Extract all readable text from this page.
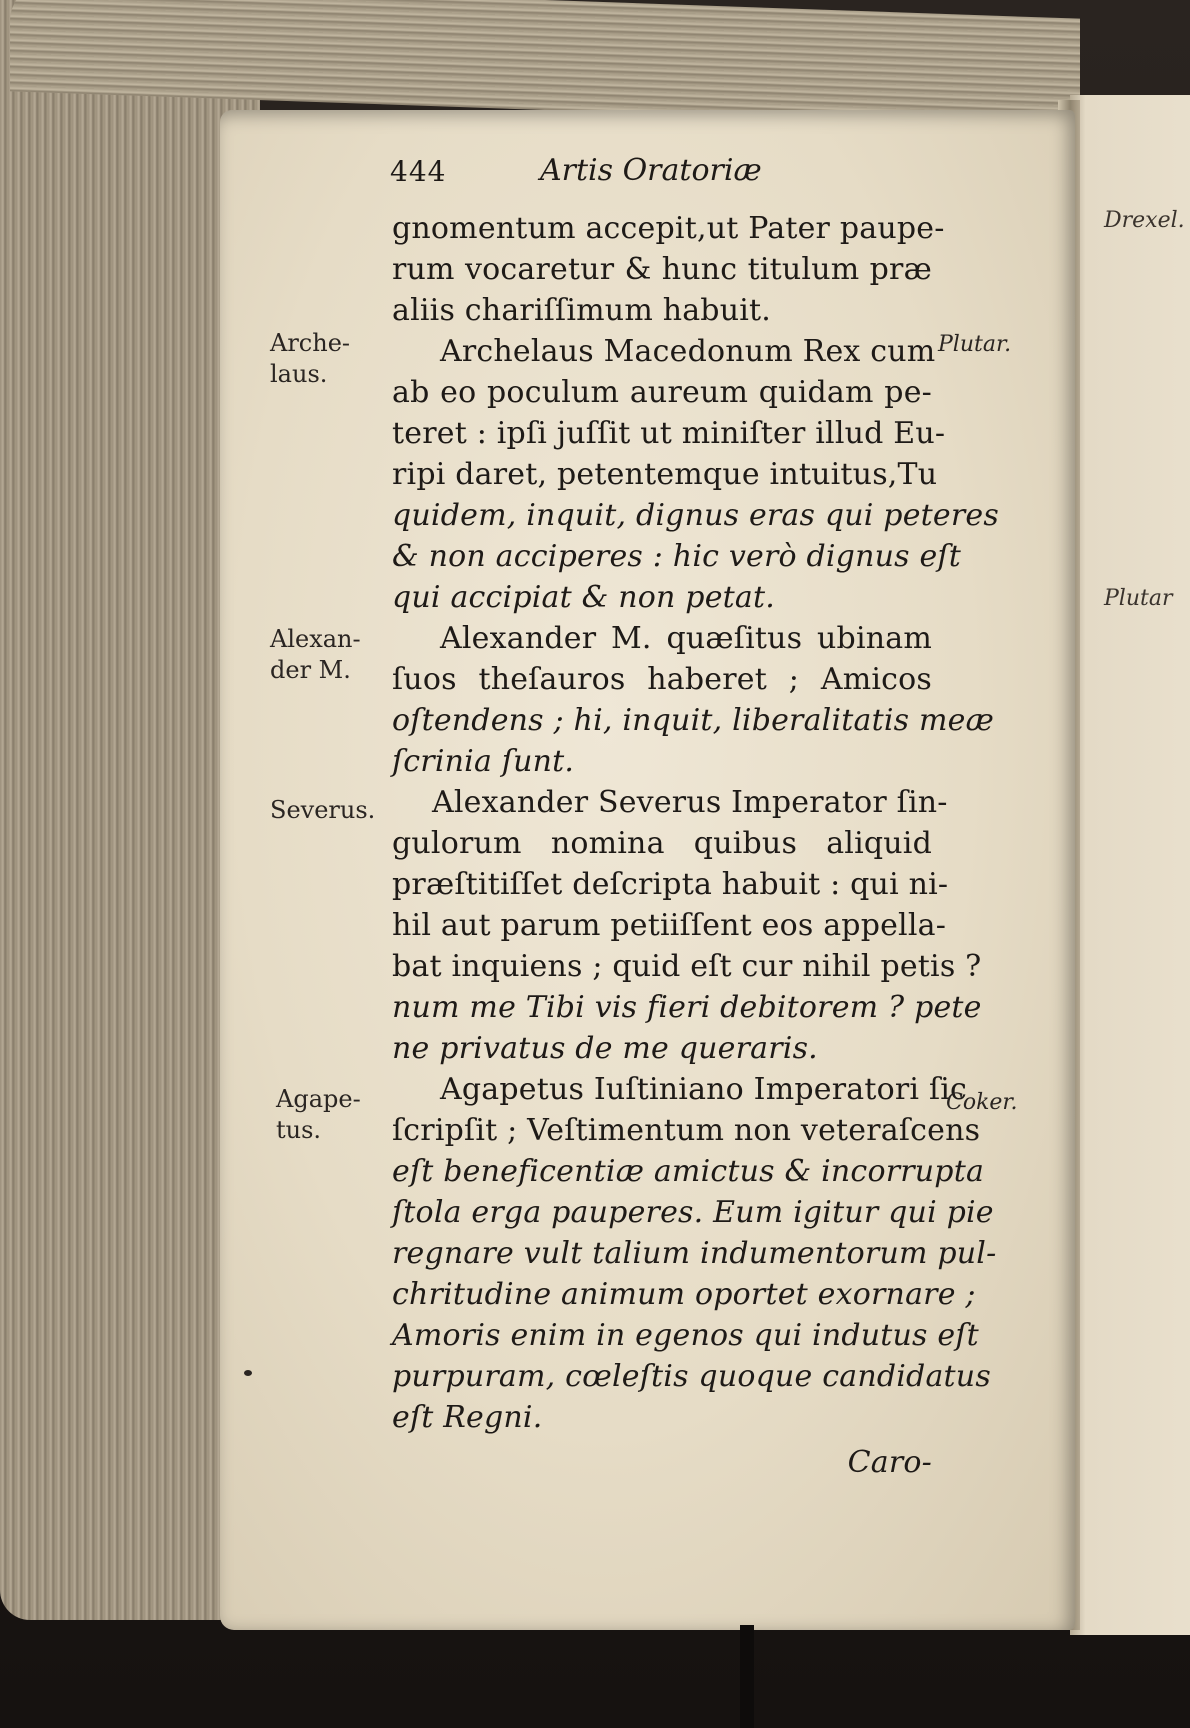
444	Artis Oratoriæ
gnomentum accepit,ut Pater paupe-
rum vocaretur & hunc titulum præ
aliis chariſſimum habuit.
Archelaus Macedonum Rex cum
ab eo poculum aureum quidam pe-
teret : ipſi juſſit ut miniſter illud Eu-
ripi daret, petentemque intuitus,Tu
quidem, inquit, dignus eras qui peteres
& non acciperes : hic verò dignus eſt
qui accipiat & non petat.
Alexander M. quæſitus ubinam
ſuos theſauros haberet ; Amicos
oſtendens ; hi, inquit, liberalitatis meæ
ſcrinia ſunt.
Alexander Severus Imperator ſin-
gulorum nomina quibus aliquid
præſtitiſſet deſcripta habuit : qui ni-
hil aut parum petiiſſent eos appella-
bat inquiens ; quid eſt cur nihil petis ?
num me Tibi vis fieri debitorem ? pete
ne privatus de me queraris.
Agapetus Iuſtiniano Imperatori ſic
ſcripſit ; Veſtimentum non veteraſcens
eſt beneficentiæ amictus & incorrupta
ſtola erga pauperes. Eum igitur qui pie
regnare vult talium indumentorum pul-
chritudine animum oportet exornare ;
Amoris enim in egenos qui indutus eſt
purpuram, cœleſtis quoque candidatus
eſt Regni.
Caro-
Arche-
laus.
Alexan-
der M.
Severus.
Agape-
tus.
Plutar.
Coker.
Drexel.
Plutar
